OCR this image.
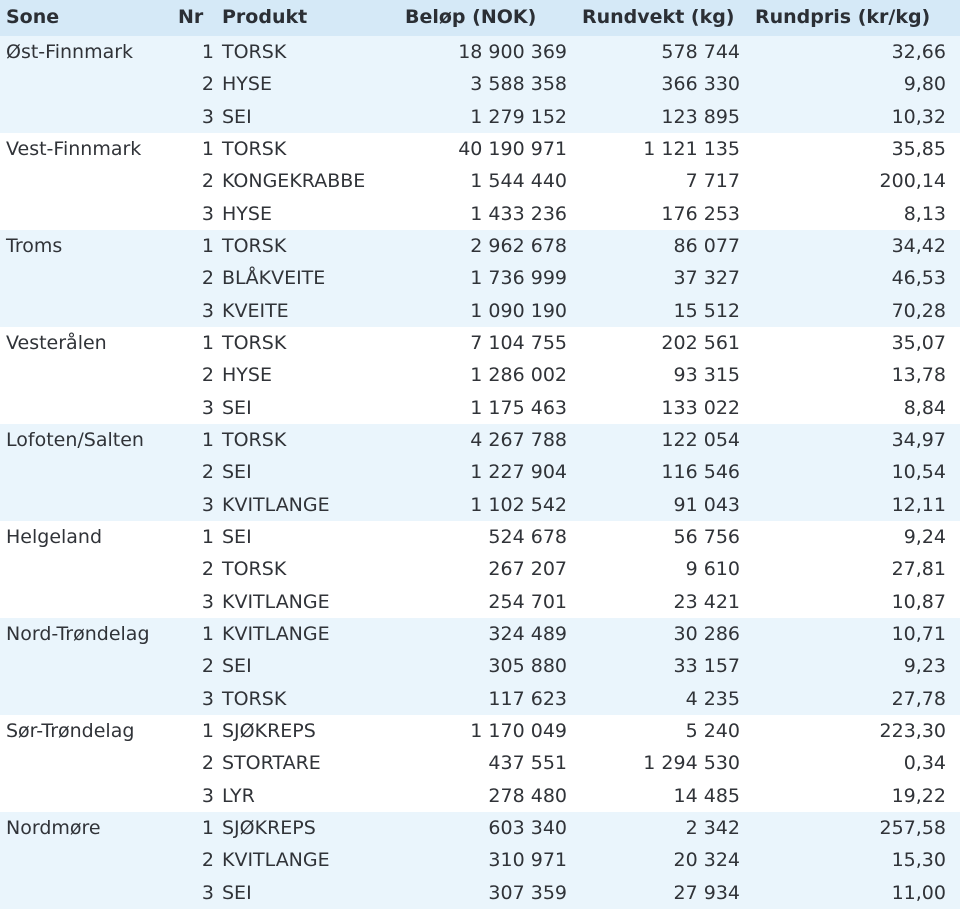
Sone	Nr Produkt	Beløp (NOK) Rundvekt (kg) Rundpris (kr/kg)
Øst-Finnmark	1 TORSK	18 900 369	578 744	32,66
2 HYSE	3 588 358	366 330	9,80
3 SEI	1 279 152	123 895	10,32
Vest-Finnmark	1 TORSK	40 190 971	1 121 135	35,85
2 KONGEKRABBE	1 544 440	7 717	200,14
3 HYSE	1 433 236	176 253	8,13
Troms	1 TORSK	2 962 678	86 077	34,42
2 BLÅKVEITE	1 736 999	37 327	46,53
3 KVEITE	1 090 190	15 512	70,28
Vesterålen	1 TORSK	7 104 755	202 561	35,07
2 HYSE	1 286 002	93 315	13,78
3 SEI	1 175 463	133 022	8,84
Lofoten/Salten	1 TORSK	4 267 788	122 054	34,97
2 SEI	1 227 904	116 546	10,54
3 KVITLANGE	1 102 542	91 043	12,11
Helgeland	1 SEI	524 678	56 756	9,24
2 TORSK	267 207	9 610	27,81
3 KVITLANGE	254 701	23 421	10,87
Nord-Trøndelag	1 KVITLANGE	324 489	30 286	10,71
2 SEI	305 880	33 157	9,23
3 TORSK	117 623	4 235	27,78
Sør-Trøndelag	1 SJØKREPS	1 170 049	5 240	223,30
2 STORTARE	437 551	1 294 530	0,34
3 LYR	278 480	14 485	19,22
Nordmøre	1 SJØKREPS	603 340	2 342	257,58
2 KVITLANGE	310 971	20 324	15,30
3 SEI	307 359	27 934	11,00
